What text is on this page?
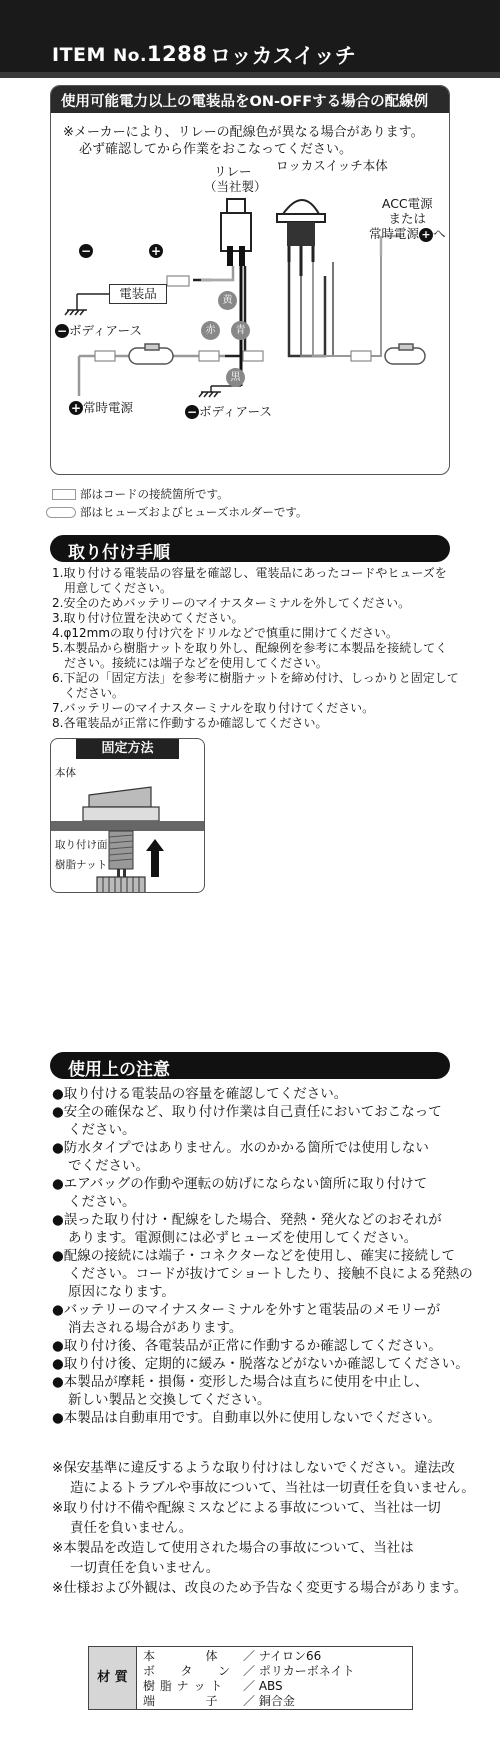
ITEM No.1288 ロッカスイッチ
使用可能電力以上の電装品をON-OFFする場合の配線例
※メーカーにより、リレーの配線色が異なる場合があります。
必ず確認してから作業をおこなってください。
リレー
（当社製）
ロッカスイッチ本体
ACC電源
または
常時電源 + へ
−	+
電装品
− ボディアース
黄
赤	青
黒
+ 常時電源	− ボディアース
部はコードの接続箇所です。
部はヒューズおよびヒューズホルダーです。
取り付け手順
1.取り付ける電装品の容量を確認し、電装品にあったコードやヒューズを
用意してください。
2.安全のためバッテリーのマイナスターミナルを外してください。
3.取り付け位置を決めてください。
4.φ12mmの取り付け穴をドリルなどで慎重に開けてください。
5.本製品から樹脂ナットを取り外し、配線例を参考に本製品を接続してく
ださい。接続には端子などを使用してください。
6.下記の「固定方法」を参考に樹脂ナットを締め付け、しっかりと固定して
ください。
7.バッテリーのマイナスターミナルを取り付けてください。
8.各電装品が正常に作動するか確認してください。
固定方法
本体
取り付け面
樹脂ナット
使用上の注意
●取り付ける電装品の容量を確認してください。
●安全の確保など、取り付け作業は自己責任においておこなって
ください。
●防水タイプではありません。水のかかる箇所では使用しない
でください。
●エアバッグの作動や運転の妨げにならない箇所に取り付けて
ください。
●誤った取り付け・配線をした場合、発熱・発火などのおそれが
あります。電源側には必ずヒューズを使用してください。
●配線の接続には端子・コネクターなどを使用し、確実に接続して
ください。コードが抜けてショートしたり、接触不良による発熱の
原因になります。
●バッテリーのマイナスターミナルを外すと電装品のメモリーが
消去される場合があります。
●取り付け後、各電装品が正常に作動するか確認してください。
●取り付け後、定期的に緩み・脱落などがないか確認してください。
●本製品が摩耗・損傷・変形した場合は直ちに使用を中止し、
新しい製品と交換してください。
●本製品は自動車用です。自動車以外に使用しないでください。
※保安基準に違反するような取り付けはしないでください。違法改
造によるトラブルや事故について、当社は一切責任を負いません。
※取り付け不備や配線ミスなどによる事故について、当社は一切
責任を負いません。
※本製品を改造して使用された場合の事故について、当社は
一切責任を負いません。
※仕様および外観は、改良のため予告なく変更する場合があります。
材 質
本　　　　体 ／ ナイロン66
ボ　　タ　　ン ／ ポリカーボネイト
樹 脂 ナ ッ ト ／ ABS
端　　　　子 ／ 銅合金
